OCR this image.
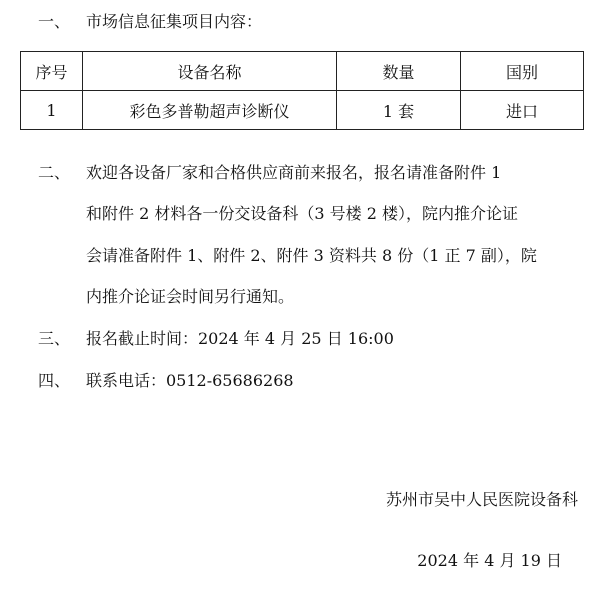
一、 市场信息征集项目内容：
序号	设备名称	数量	国别
1	彩色多普勒超声诊断仪	1 套	进口
二、 欢迎各设备厂家和合格供应商前来报名，报名请准备附件 1
和附件 2 材料各一份交设备科（3 号楼 2 楼），院内推介论证
会请准备附件 1、附件 2、附件 3 资料共 8 份（1 正 7 副），院
内推介论证会时间另行通知。
三、 报名截止时间：2024 年 4 月 25 日 16:00
四、 联系电话：0512-65686268
苏州市吴中人民医院设备科
2024 年 4 月 19 日
